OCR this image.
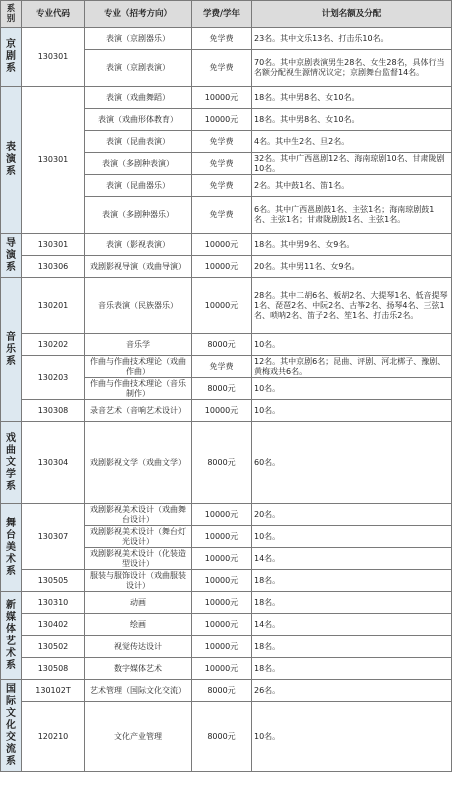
系别	专业代码	专业（招考方向）	学费/学年	计划名额及分配
京剧系	130301	表演（京剧器乐）	免学费	23名。其中文乐13名、打击乐10名。
		表演（京剧表演）	免学费	70名。其中京剧表演男生28名、女生28名，具体行当名额分配视生源情况议定；京剧舞台监督14名。
表演系	130301	表演（戏曲舞蹈）	10000元	18名。其中男8名、女10名。
		表演（戏曲形体教育）	10000元	18名。其中男8名、女10名。
		表演（昆曲表演）	免学费	4名。其中生2名、旦2名。
		表演（多剧种表演）	免学费	32名。其中广西邕剧12名、海南琼剧10名、甘肃陇剧10名。
		表演（昆曲器乐）	免学费	2名。其中鼓1名、笛1名。
		表演（多剧种器乐）	免学费	6名。其中广西邕剧鼓1名、主弦1名；海南琼剧鼓1名、主弦1名；甘肃陇剧鼓1名、主弦1名。
导演系	130301	表演（影视表演）	10000元	18名。其中男9名、女9名。
	130306	戏剧影视导演（戏曲导演）	10000元	20名。其中男11名、女9名。
音乐系	130201	音乐表演（民族器乐）	10000元	28名。其中二胡6名、板胡2名、大提琴1名、低音提琴1名、琵琶2名、中阮2名、古筝2名、扬琴4名、三弦1名、唢呐2名、笛子2名、笙1名、打击乐2名。
	130202	音乐学	8000元	10名。
	130203	作曲与作曲技术理论（戏曲作曲）	免学费	12名。其中京剧6名；昆曲、评剧、河北梆子、豫剧、黄梅戏共6名。
		作曲与作曲技术理论（音乐制作）	8000元	10名。
	130308	录音艺术（音响艺术设计）	10000元	10名。
戏曲文学系	130304	戏剧影视文学（戏曲文学）	8000元	60名。
舞台美术系	130307	戏剧影视美术设计（戏曲舞台设计）	10000元	20名。
		戏剧影视美术设计（舞台灯光设计）	10000元	10名。
		戏剧影视美术设计（化装造型设计）	10000元	14名。
	130505	服装与服饰设计（戏曲服装设计）	10000元	18名。
新媒体艺术系	130310	动画	10000元	18名。
	130402	绘画	10000元	14名。
	130502	视觉传达设计	10000元	18名。
	130508	数字媒体艺术	10000元	18名。
国际文化交流系	130102T	艺术管理（国际文化交流）	8000元	26名。
	120210	文化产业管理	8000元	10名。
